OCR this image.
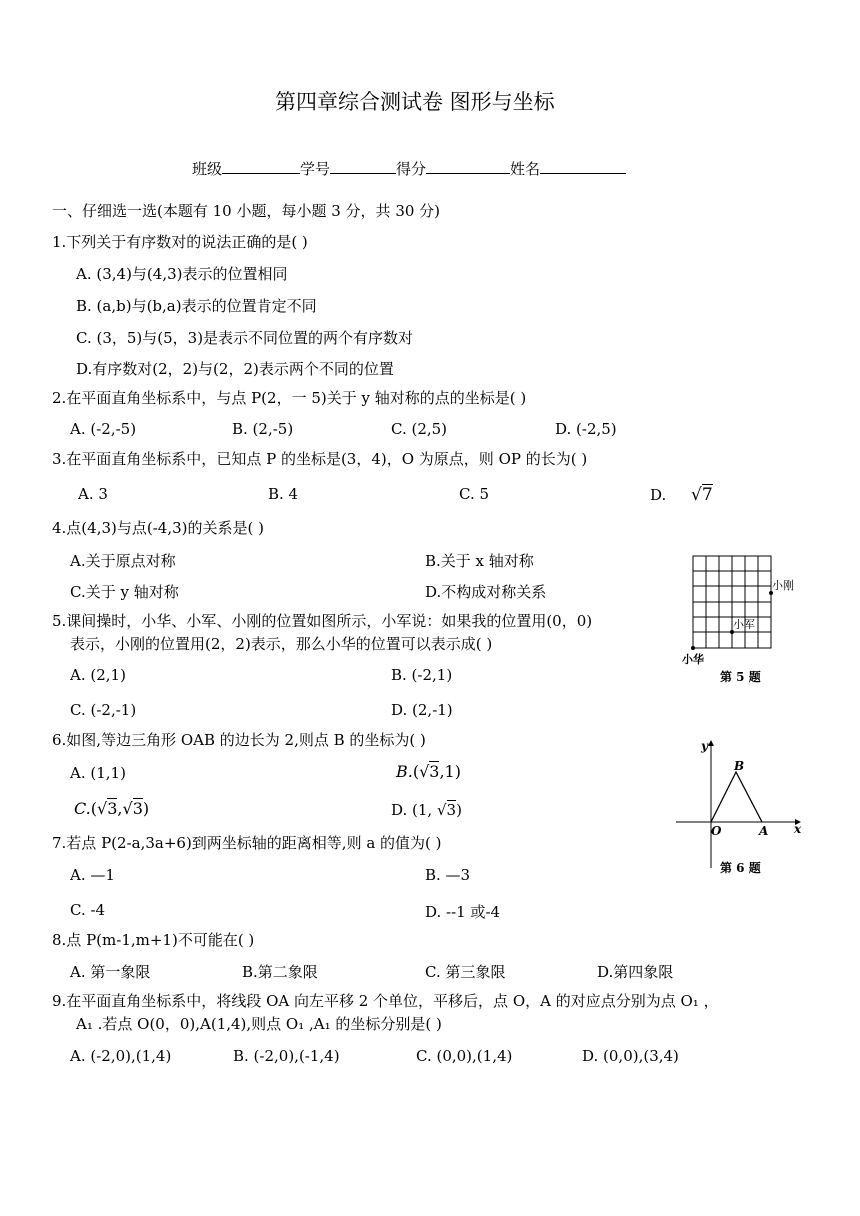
第四章综合测试卷 图形与坐标
班级	学号	得分	姓名
一、仔细选一选(本题有 10 小题，每小题 3 分，共 30 分)
1.下列关于有序数对的说法正确的是( )
A. (3,4)与(4,3)表示的位置相同
B. (a,b)与(b,a)表示的位置肯定不同
C. (3，5)与(5，3)是表示不同位置的两个有序数对
D.有序数对(2，2)与(2，2)表示两个不同的位置
2.在平面直角坐标系中，与点 P(2，一 5)关于 y 轴对称的点的坐标是( )
A. (-2,-5)	B. (2,-5)	C. (2,5)	D. (-2,5)
3.在平面直角坐标系中，已知点 P 的坐标是(3，4)，O 为原点，则 OP 的长为( )
A. 3	B. 4	C. 5	D. √7
4.点(4,3)与点(-4,3)的关系是( )
A.关于原点对称	B.关于 x 轴对称
C.关于 y 轴对称	D.不构成对称关系
5.课间操时，小华、小军、小刚的位置如图所示，小军说：如果我的位置用(0，0)
表示，小刚的位置用(2，2)表示，那么小华的位置可以表示成( )
A. (2,1)	B. (-2,1)
C. (-2,-1)	D. (2,-1)
6.如图,等边三角形 OAB 的边长为 2,则点 B 的坐标为( )
A. (1,1)	B.(√3,1)
C.(√3,√3)	D. (1, √3)
7.若点 P(2-a,3a+6)到两坐标轴的距离相等,则 a 的值为( )
A. —1	B. —3
C. -4	D. --1 或-4
8.点 P(m-1,m+1)不可能在( )
A. 第一象限	B.第二象限	C. 第三象限	D.第四象限
9.在平面直角坐标系中，将线段 OA 向左平移 2 个单位，平移后，点 O，A 的对应点分别为点 O₁ ，
A₁ .若点 O(0，0),A(1,4),则点 O₁ ,A₁ 的坐标分别是( )
A. (-2,0),(1,4)	B. (-2,0),(-1,4)	C. (0,0),(1,4)	D. (0,0),(3,4)
小刚
小军
小华
第 5 题
y
x
O	A
B
第 6 题
